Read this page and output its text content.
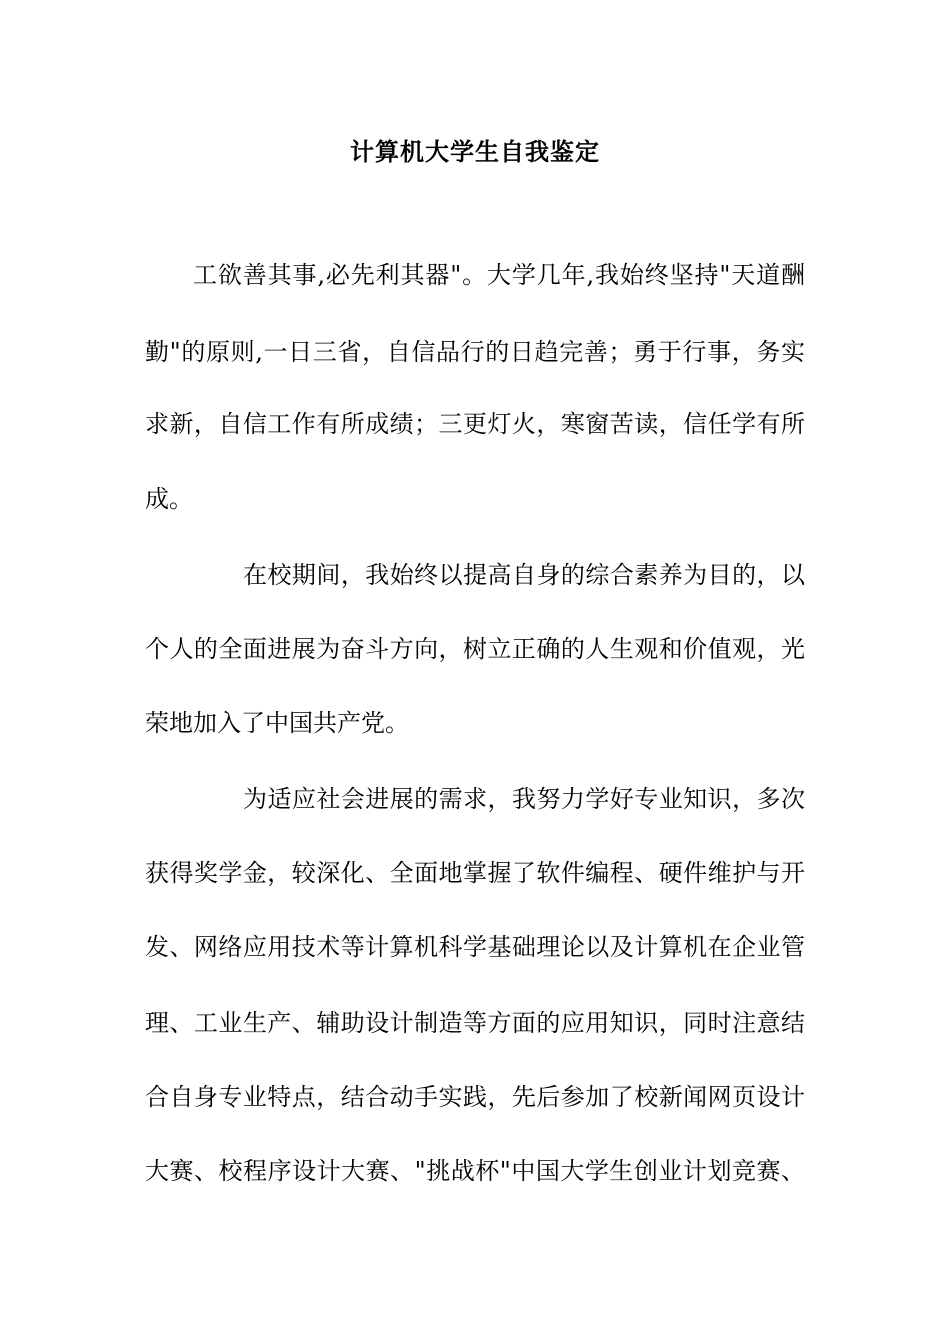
计算机大学生自我鉴定
工欲善其事,必先利其器"。大学几年,我始终坚持"天道酬
勤"的原则,一日三省，自信品行的日趋完善；勇于行事，务实
求新，自信工作有所成绩；三更灯火，寒窗苦读，信任学有所
成。
在校期间，我始终以提高自身的综合素养为目的，以
个人的全面进展为奋斗方向，树立正确的人生观和价值观，光
荣地加入了中国共产党。
为适应社会进展的需求，我努力学好专业知识，多次
获得奖学金，较深化、全面地掌握了软件编程、硬件维护与开
发、网络应用技术等计算机科学基础理论以及计算机在企业管
理、工业生产、辅助设计制造等方面的应用知识，同时注意结
合自身专业特点，结合动手实践，先后参加了校新闻网页设计
大赛、校程序设计大赛、"挑战杯"中国大学生创业计划竞赛、
